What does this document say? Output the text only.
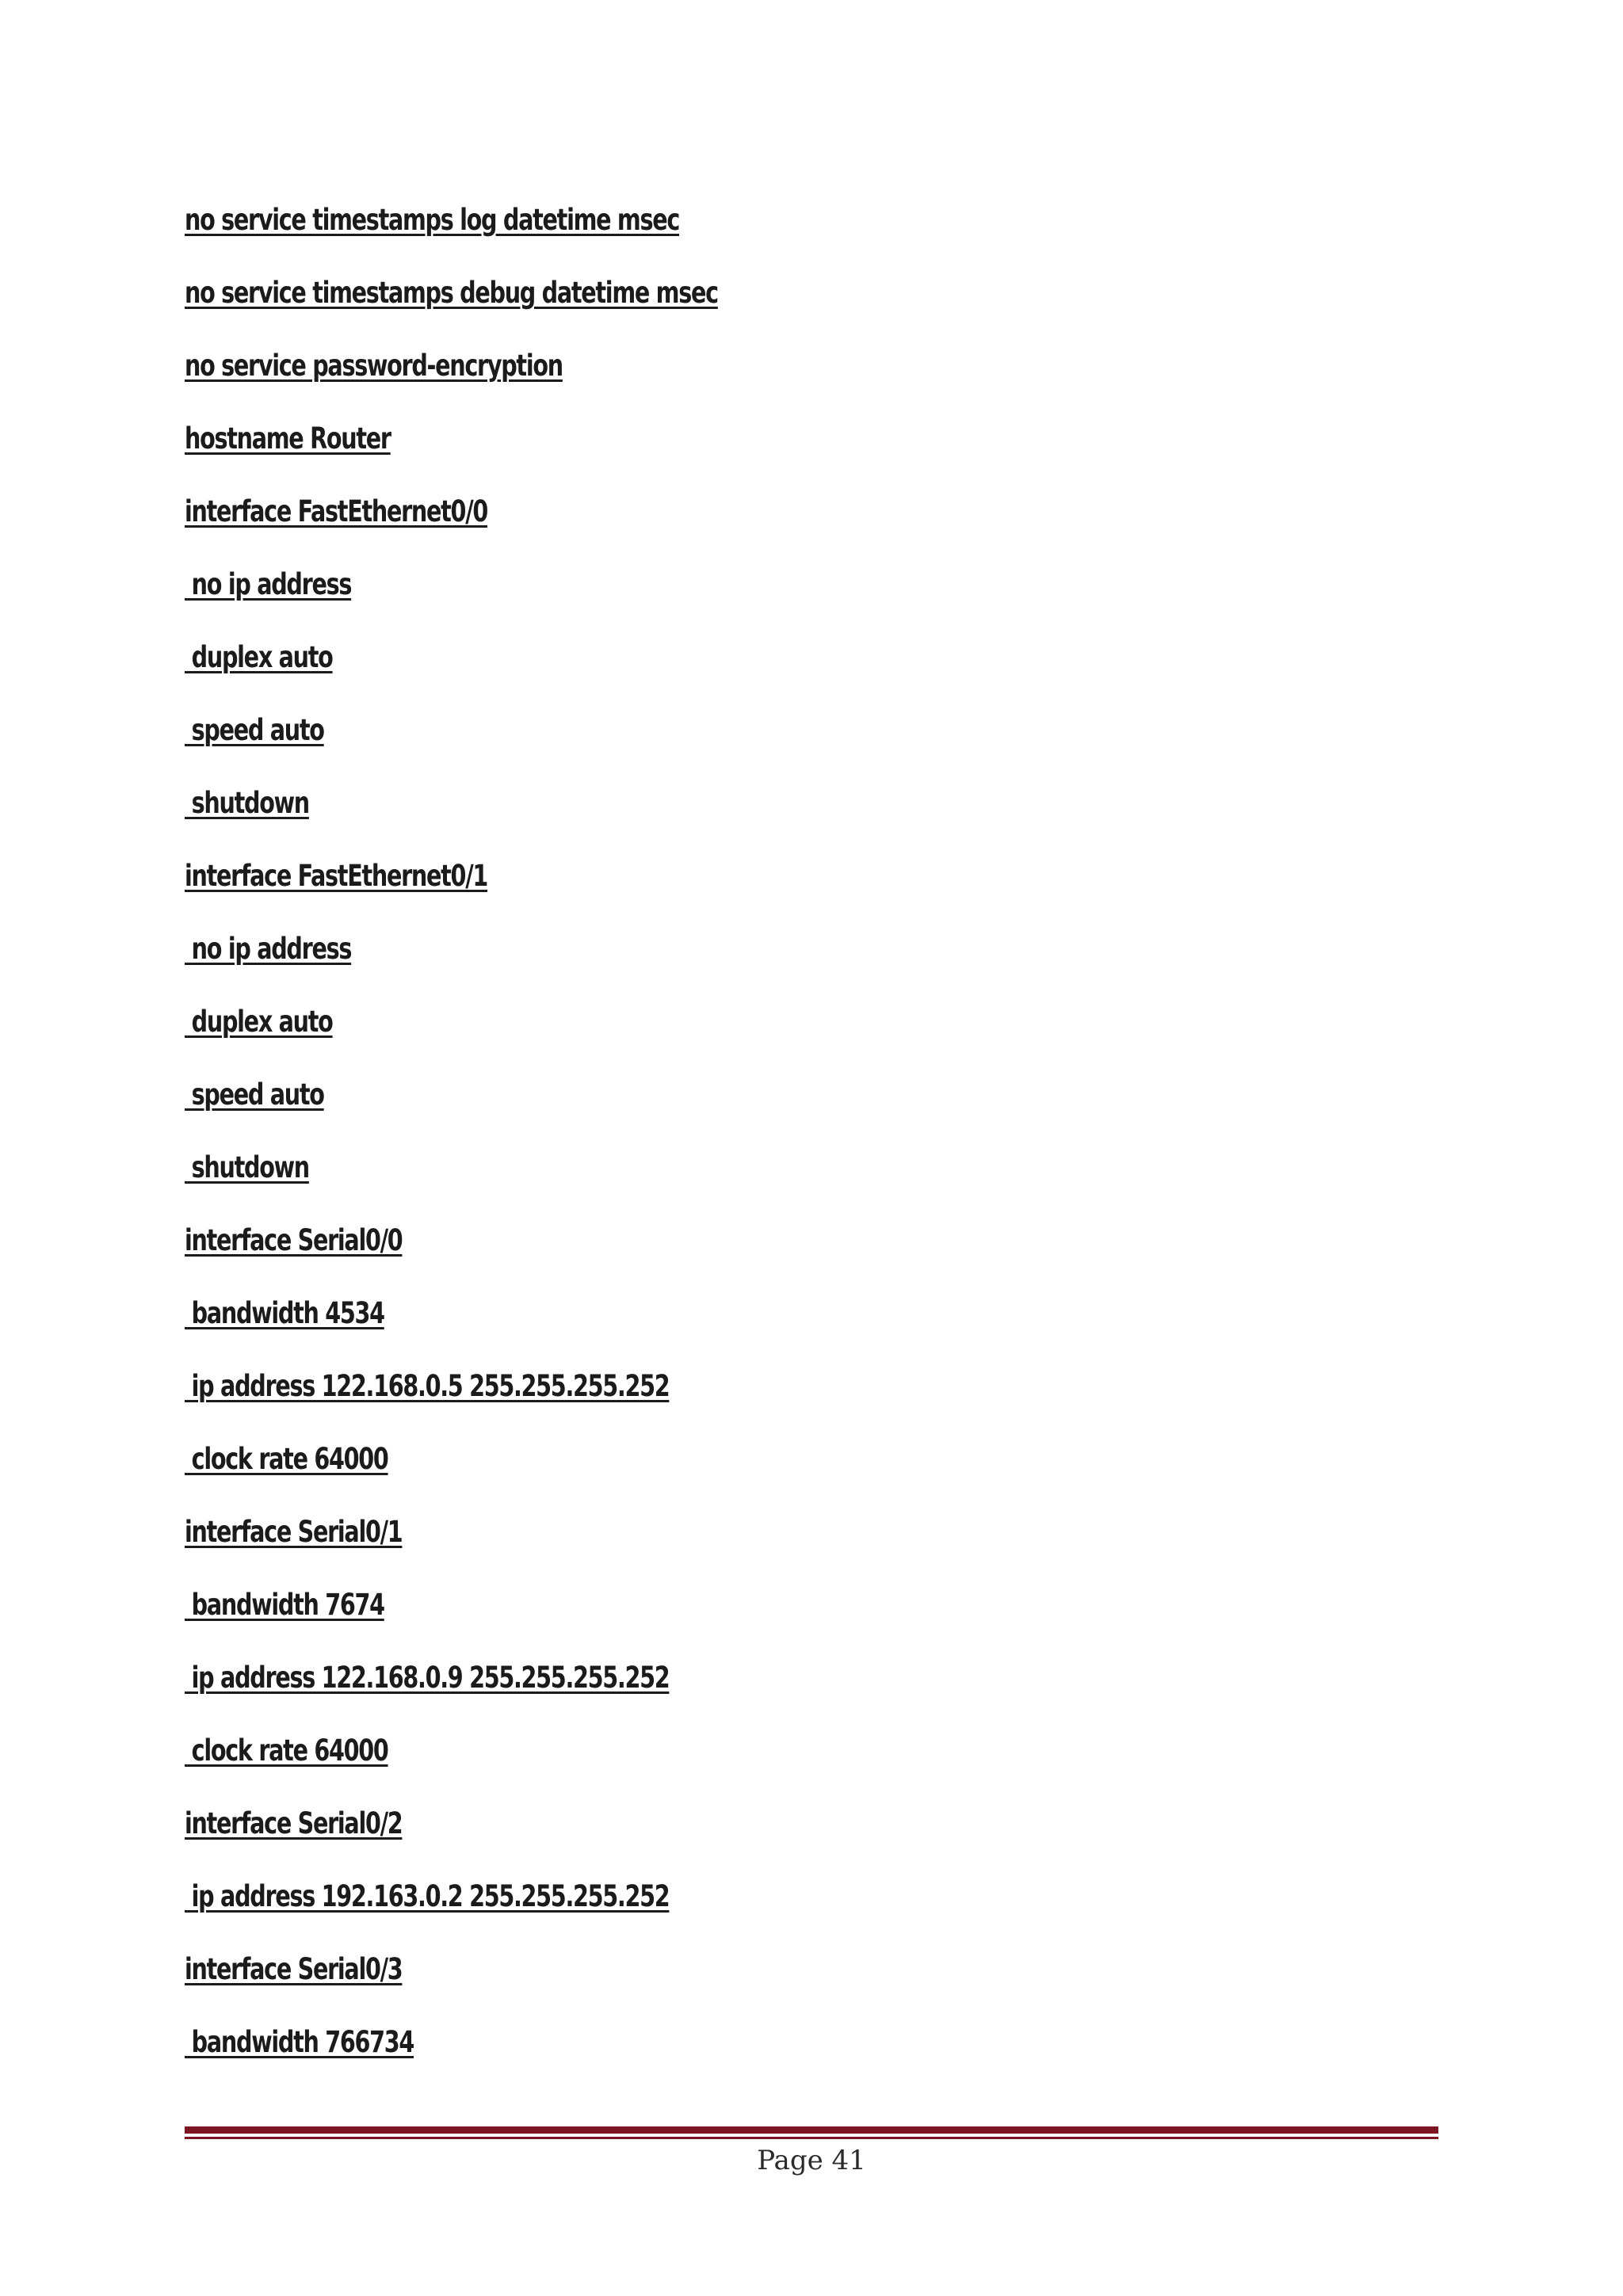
no service timestamps log datetime msec
no service timestamps debug datetime msec
no service password-encryption
hostname Router
interface FastEthernet0/0
no ip address
duplex auto
speed auto
shutdown
interface FastEthernet0/1
no ip address
duplex auto
speed auto
shutdown
interface Serial0/0
bandwidth 4534
ip address 122.168.0.5 255.255.255.252
clock rate 64000
interface Serial0/1
bandwidth 7674
ip address 122.168.0.9 255.255.255.252
clock rate 64000
interface Serial0/2
ip address 192.163.0.2 255.255.255.252
interface Serial0/3
bandwidth 766734
Page 41
